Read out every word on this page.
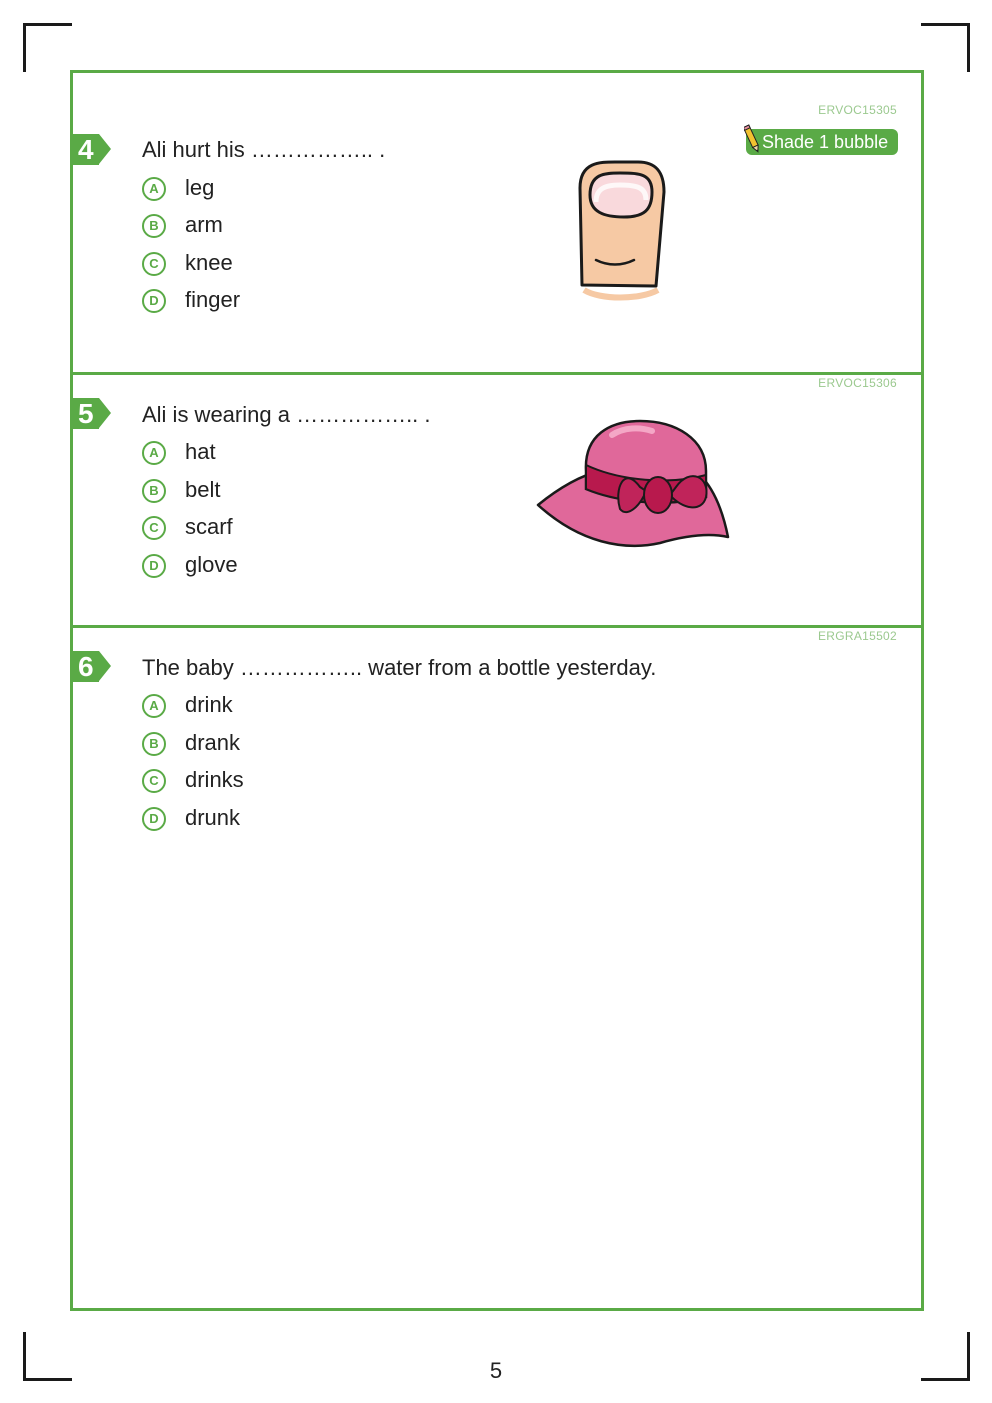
ERVOC15305
Shade 1 bubble
4 Ali hurt his …………….. .
A	leg
B	arm
C	knee
D	finger
ERVOC15306
5 Ali is wearing a …………….. .
A	hat
B	belt
C	scarf
D	glove
ERGRA15502
6 The baby …………….. water from a bottle yesterday.
A	drink
B	drank
C	drinks
D	drunk
5
